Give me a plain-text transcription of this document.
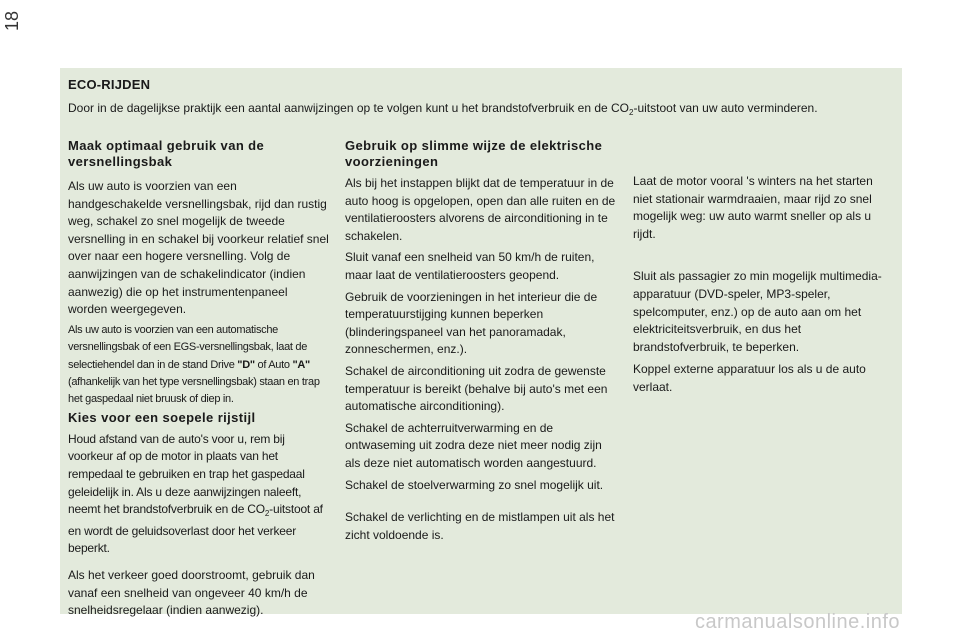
18
ECO-RIJDEN
Door in de dagelijkse praktijk een aantal aanwijzingen op te volgen kunt u het brandstofverbruik en de $CO_2$-uitstoot van uw auto verminderen.
Maak optimaal gebruik van de versnellingsbak

Als uw auto is voorzien van een handgeschakelde versnellingsbak, rijd dan rustig weg, schakel zo snel mogelijk de tweede versnelling in en schakel bij voorkeur relatief snel over naar een hogere versnelling. Volg de aanwijzingen van de schakelindicator (indien aanwezig) die op het instrumentenpaneel worden weergegeven.

Als uw auto is voorzien van een automatische versnellingsbak of een EGS-versnellingsbak, laat de selectiehendel dan in de stand Drive "D" of Auto "A" (afhankelijk van het type versnellingsbak) staan en trap het gaspedaal niet bruusk of diep in.

Kies voor een soepele rijstijl

Houd afstand van de auto's voor u, rem bij voorkeur af op de motor in plaats van het rempedaal te gebruiken en trap het gaspedaal geleidelijk in. Als u deze aanwijzingen naleeft, neemt het brandstofverbruik en de $CO_2$-uitstoot af en wordt de geluidsoverlast door het verkeer beperkt.

Als het verkeer goed doorstroomt, gebruik dan vanaf een snelheid van ongeveer 40 km/h de snelheidsregelaar (indien aanwezig).

Gebruik op slimme wijze de elektrische voorzieningen

Als bij het instappen blijkt dat de temperatuur in de auto hoog is opgelopen, open dan alle ruiten en de ventilatieroosters alvorens de airconditioning in te schakelen.

Sluit vanaf een snelheid van 50 km/h de ruiten, maar laat de ventilatieroosters geopend.

Gebruik de voorzieningen in het interieur die de temperatuurstijging kunnen beperken (blinderingspaneel van het panoramadak, zonneschermen, enz.).

Schakel de airconditioning uit zodra de gewenste temperatuur is bereikt (behalve bij auto's met een automatische airconditioning).

Schakel de achterruitverwarming en de ontwaseming uit zodra deze niet meer nodig zijn als deze niet automatisch worden aangestuurd.

Schakel de stoelverwarming zo snel mogelijk uit.

Schakel de verlichting en de mistlampen uit als het zicht voldoende is.

Laat de motor vooral 's winters na het starten niet stationair warmdraaien, maar rijd zo snel mogelijk weg: uw auto warmt sneller op als u rijdt.

Sluit als passagier zo min mogelijk multimedia-apparatuur (DVD-speler, MP3-speler, spelcomputer, enz.) op de auto aan om het elektriciteitsverbruik, en dus het brandstofverbruik, te beperken.

Koppel externe apparatuur los als u de auto verlaat.

carmanualsonline.info
